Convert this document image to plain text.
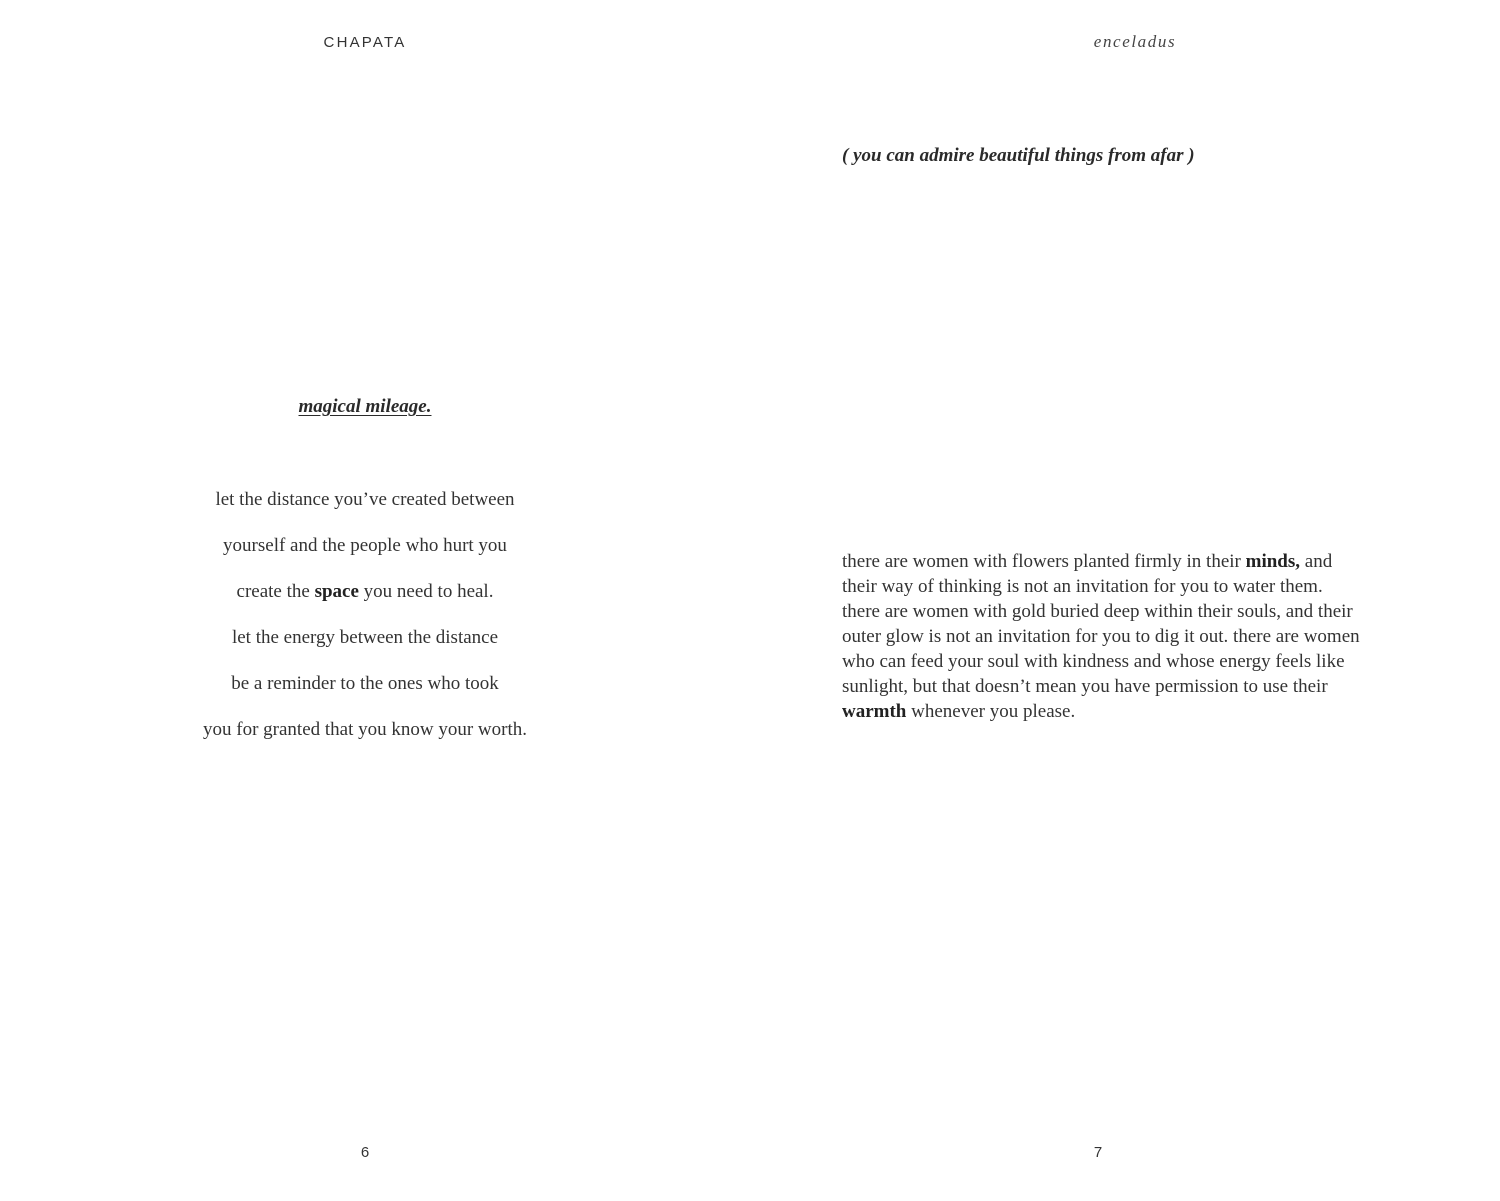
CHAPATA
magical mileage.
let the distance you’ve created between
yourself and the people who hurt you
create the space you need to heal.
let the energy between the distance
be a reminder to the ones who took
you for granted that you know your worth.
6
enceladus
( you can admire beautiful things from afar )
there are women with flowers planted firmly in their minds, and
their way of thinking is not an invitation for you to water them.
there are women with gold buried deep within their souls, and their
outer glow is not an invitation for you to dig it out. there are women
who can feed your soul with kindness and whose energy feels like
sunlight, but that doesn’t mean you have permission to use their
warmth whenever you please.
7
